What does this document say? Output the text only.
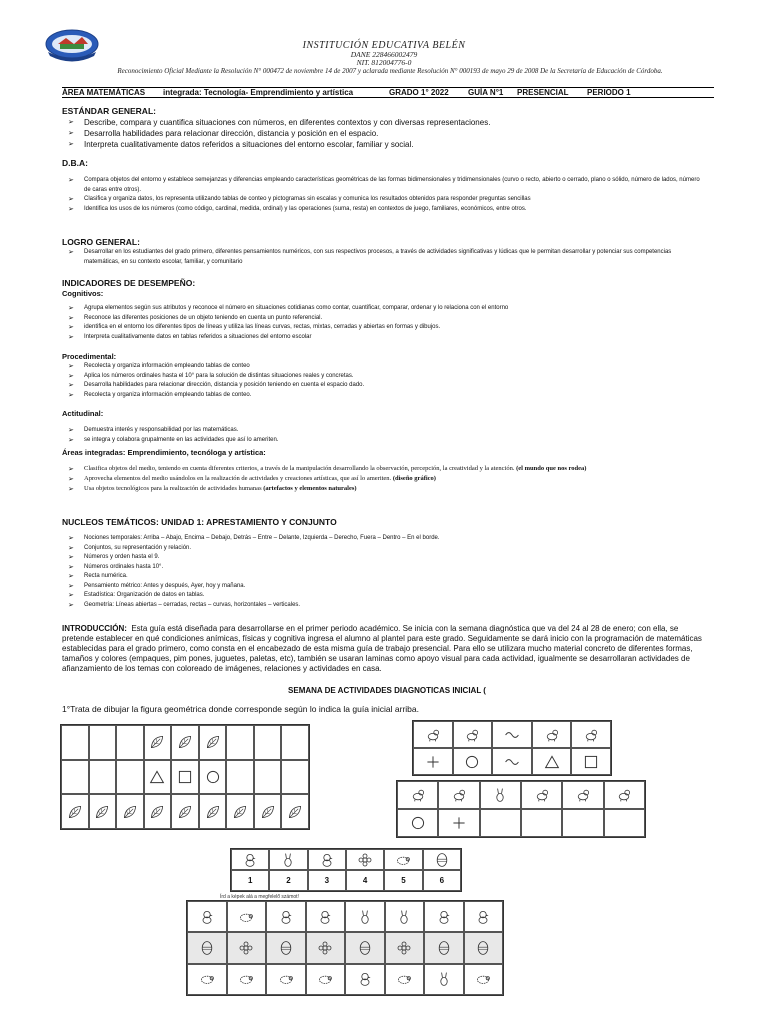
INSTITUCIÓN EDUCATIVA BELÉN
DANE 228466002479
NIT. 812004776-0
Reconocimiento Oficial Mediante la Resolución N° 000472 de noviembre 14 de 2007 y aclarada mediante Resolución N° 000193 de mayo 29 de 2008 De la Secretaría de Educación de Córdoba.
ÁREA MATEMÁTICAS integrada: Tecnología- Emprendimiento y artística	GRADO 1° 2022 GUÍA N°1 PRESENCIAL PERIODO 1
ESTÁNDAR GENERAL:
➢ Describe, compara y cuantifica situaciones con números, en diferentes contextos y con diversas representaciones.
➢ Desarrolla habilidades para relacionar dirección, distancia y posición en el espacio.
➢ Interpreta cualitativamente datos referidos a situaciones del entorno escolar, familiar y social.
D.B.A:
➢ Compara objetos del entorno y establece semejanzas y diferencias empleando características geométricas de las formas bidimensionales y tridimensionales (curvo o recto, abierto o cerrado, plano o sólido, número de lados, número de caras entre otros).
➢ Clasifica y organiza datos, los representa utilizando tablas de conteo y pictogramas sin escalas y comunica los resultados obtenidos para responder preguntas sencillas
➢ Identifica los usos de los números (como código, cardinal, medida, ordinal) y las operaciones (suma, resta) en contextos de juego, familiares, económicos, entre otros.
LOGRO GENERAL:
➢ Desarrollar en los estudiantes del grado primero, diferentes pensamientos numéricos, con sus respectivos procesos, a través de actividades significativas y lúdicas que le permitan desarrollar y potenciar sus competencias matemáticas, en su contexto escolar, familiar, y comunitario
INDICADORES DE DESEMPEÑO:
Cognitivos:
➢ Agrupa elementos según sus atributos y reconoce el número en situaciones cotidianas como contar, cuantificar, comparar, ordenar y lo relaciona con el entorno
➢ Reconoce las diferentes posiciones de un objeto teniendo en cuenta un punto referencial.
➢ identifica en el entorno los diferentes tipos de líneas y utiliza las líneas curvas, rectas, mixtas, cerradas y abiertas en formas y dibujos.
➢ Interpreta cualitativamente datos en tablas referidos a situaciones del entorno escolar
Procedimental:
➢ Recolecta y organiza información empleando tablas de conteo
➢ Aplica los números ordinales hasta el 10° para la solución de distintas situaciones reales y concretas.
➢ Desarrolla habilidades para relacionar dirección, distancia y posición teniendo en cuenta el espacio dado.
➢ Recolecta y organiza información empleando tablas de conteo.
Actitudinal:
➢ Demuestra interés y responsabilidad por las matemáticas.
➢ se integra y colabora grupalmente en las actividades que así lo ameriten.
Áreas integradas: Emprendimiento, tecnóloga y artística:
➢ Clasifica objetos del medio, teniendo en cuenta diferentes criterios, a través de la manipulación desarrollando la observación, percepción, la creatividad y la atención. (el mundo que nos rodea)
➢ Aprovecha elementos del medio usándolos en la realización de actividades y creaciones artísticas, que así lo ameriten. (diseño gráfico)
➢ Usa objetos tecnológicos para la realización de actividades humanas (artefactos y elementos naturales)
NUCLEOS TEMÁTICOS: UNIDAD 1: APRESTAMIENTO Y CONJUNTO
➢ Nociones temporales: Arriba – Abajo, Encima – Debajo, Detrás – Entre – Delante, Izquierda – Derecho, Fuera – Dentro – En el borde.
➢ Conjuntos, su representación y relación.
➢ Números y orden hasta el 9.
➢ Números ordinales hasta 10°.
➢ Recta numérica.
➢ Pensamiento métrico: Antes y después, Ayer, hoy y mañana.
➢ Estadística: Organización de datos en tablas.
➢ Geometría: Líneas abiertas – cerradas, rectas – curvas, horizontales – verticales.
INTRODUCCIÓN: Esta guía está diseñada para desarrollarse en el primer periodo académico. Se inicia con la semana diagnóstica que va del 24 al 28 de enero; con ella, se pretende establecer en qué condiciones anímicas, físicas y cognitiva ingresa el alumno al plantel para este grado. Seguidamente se dará inicio con la programación de matemáticas establecidas para el grado primero, como consta en el encabezado de esta misma guía de trabajo presencial. Para ello se utilizara mucho material concreto de diferentes formas, tamaños y colores (empaques, pim pones, juguetes, paletas, etc), también se usaran laminas como apoyo visual para cada actividad, igualmente se desarrollaran actividades de afianzamiento de los temas con coloreado de imágenes, relaciones y actividades en casa.
SEMANA DE ACTIVIDADES DIAGNOTICAS INICIAL (
1°Trata de dibujar la figura geométrica donde corresponde según lo indica la guía inicial arriba.
1	2	3	4	5	6
Írd a képek alá a megfelelő számot!
